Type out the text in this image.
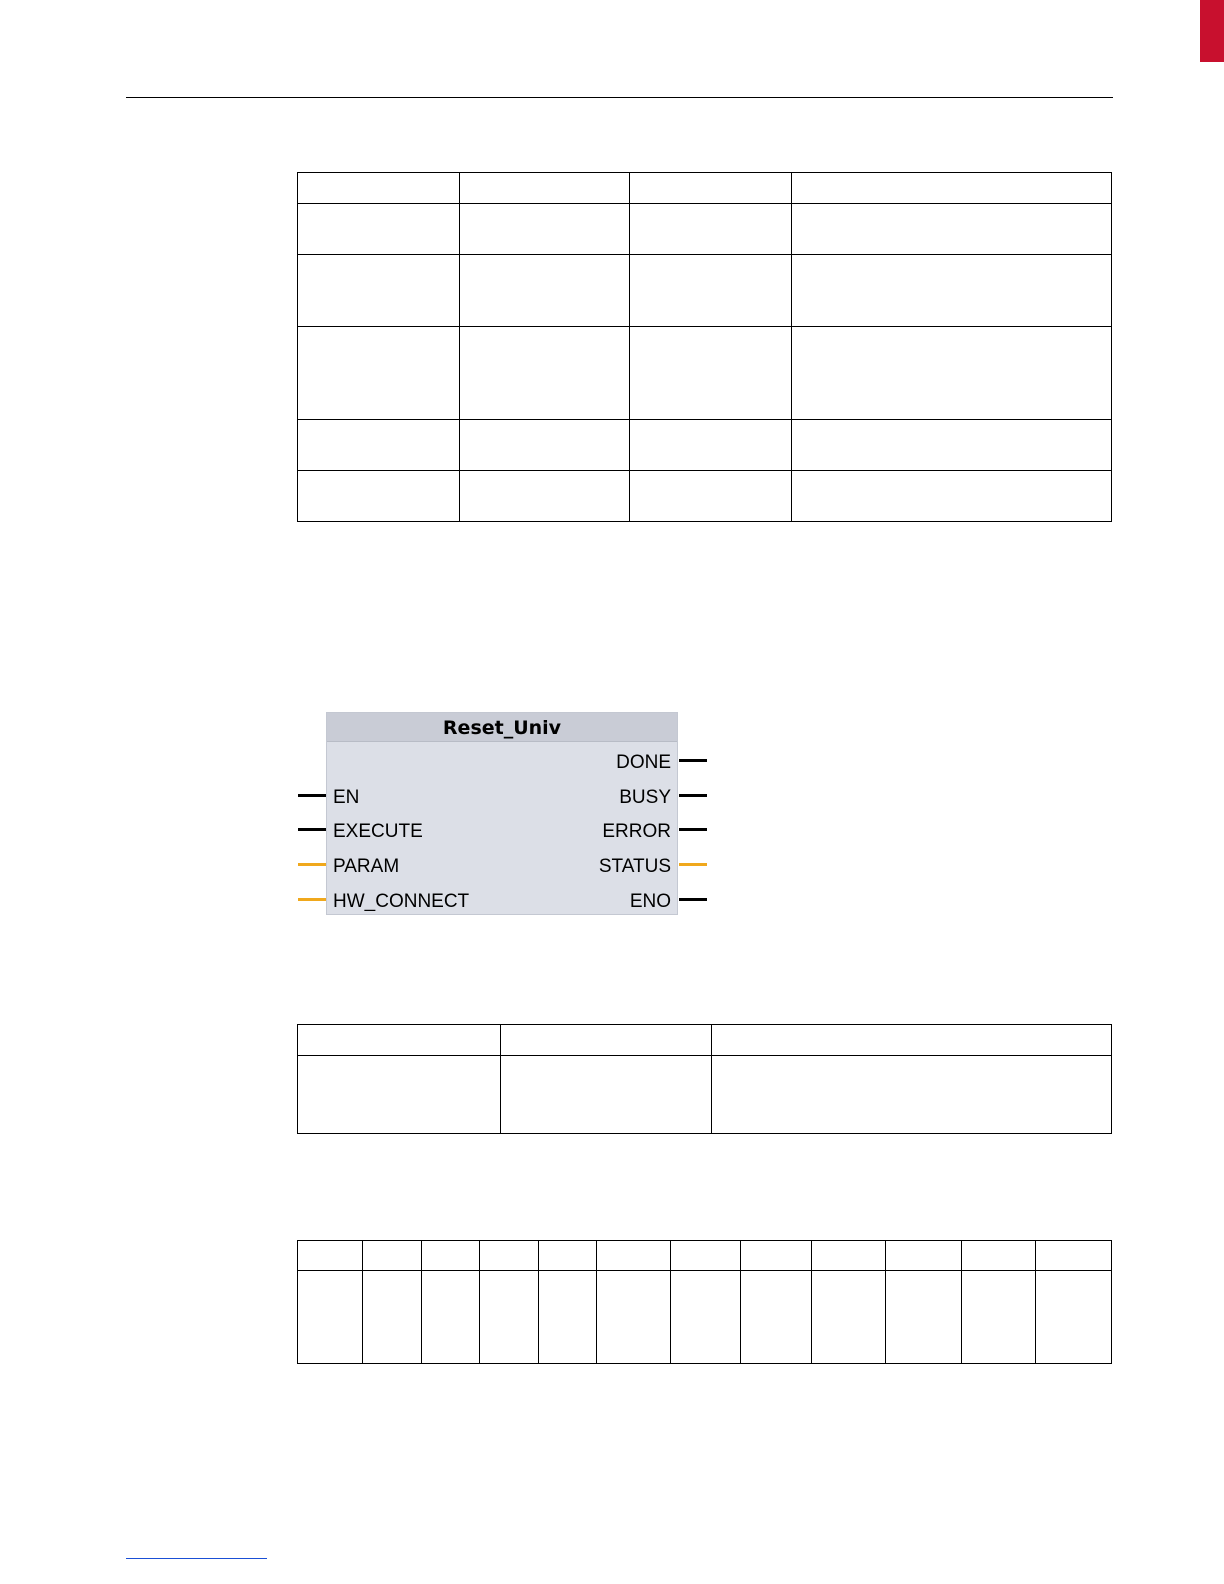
Reset_Univ
EN
EXECUTE
PARAM
HW_CONNECT
DONE
BUSY
ERROR
STATUS
ENO
